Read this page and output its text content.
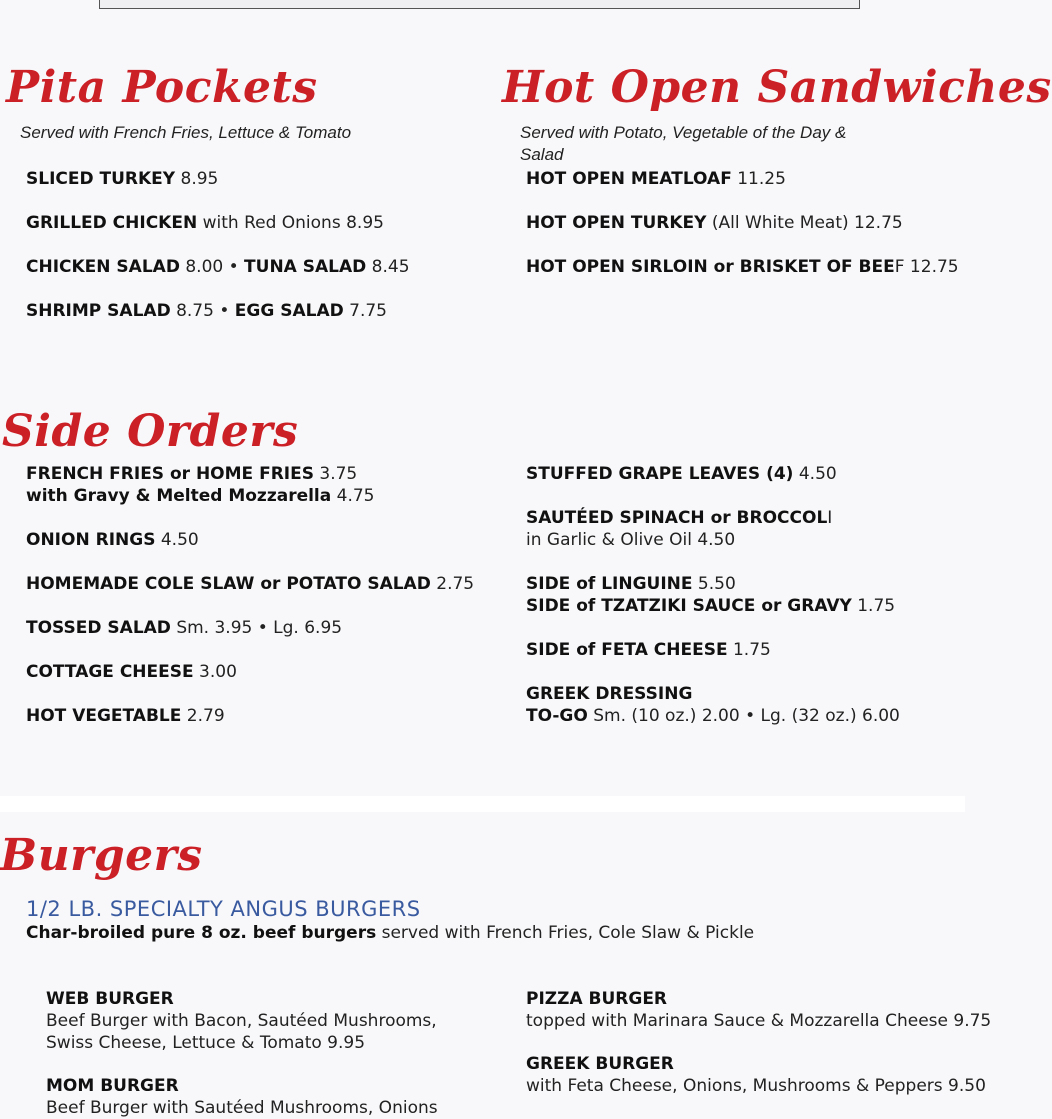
Pita Pockets
Served with French Fries, Lettuce & Tomato
SLICED TURKEY 8.95
GRILLED CHICKEN with Red Onions 8.95
CHICKEN SALAD 8.00 • TUNA SALAD 8.45
SHRIMP SALAD 8.75 • EGG SALAD 7.75
Hot Open Sandwiches
Served with Potato, Vegetable of the Day & Salad
HOT OPEN MEATLOAF 11.25
HOT OPEN TURKEY (All White Meat) 12.75
HOT OPEN SIRLOIN or BRISKET OF BEEF 12.75
Side Orders
FRENCH FRIES or HOME FRIES 3.75
with Gravy & Melted Mozzarella 4.75
ONION RINGS 4.50
HOMEMADE COLE SLAW or POTATO SALAD 2.75
TOSSED SALAD Sm. 3.95 • Lg. 6.95
COTTAGE CHEESE 3.00
HOT VEGETABLE 2.79
STUFFED GRAPE LEAVES (4) 4.50
SAUTÉED SPINACH or BROCCOLI
in Garlic & Olive Oil 4.50
SIDE of LINGUINE 5.50
SIDE of TZATZIKI SAUCE or GRAVY 1.75
SIDE of FETA CHEESE 1.75
GREEK DRESSING
TO-GO Sm. (10 oz.) 2.00 • Lg. (32 oz.) 6.00
Burgers
1/2 LB. SPECIALTY ANGUS BURGERS
Char-broiled pure 8 oz. beef burgers served with French Fries, Cole Slaw & Pickle
WEB BURGER
Beef Burger with Bacon, Sautéed Mushrooms,
Swiss Cheese, Lettuce & Tomato 9.95
MOM BURGER
Beef Burger with Sautéed Mushrooms, Onions
PIZZA BURGER
topped with Marinara Sauce & Mozzarella Cheese 9.75
GREEK BURGER
with Feta Cheese, Onions, Mushrooms & Peppers 9.50
